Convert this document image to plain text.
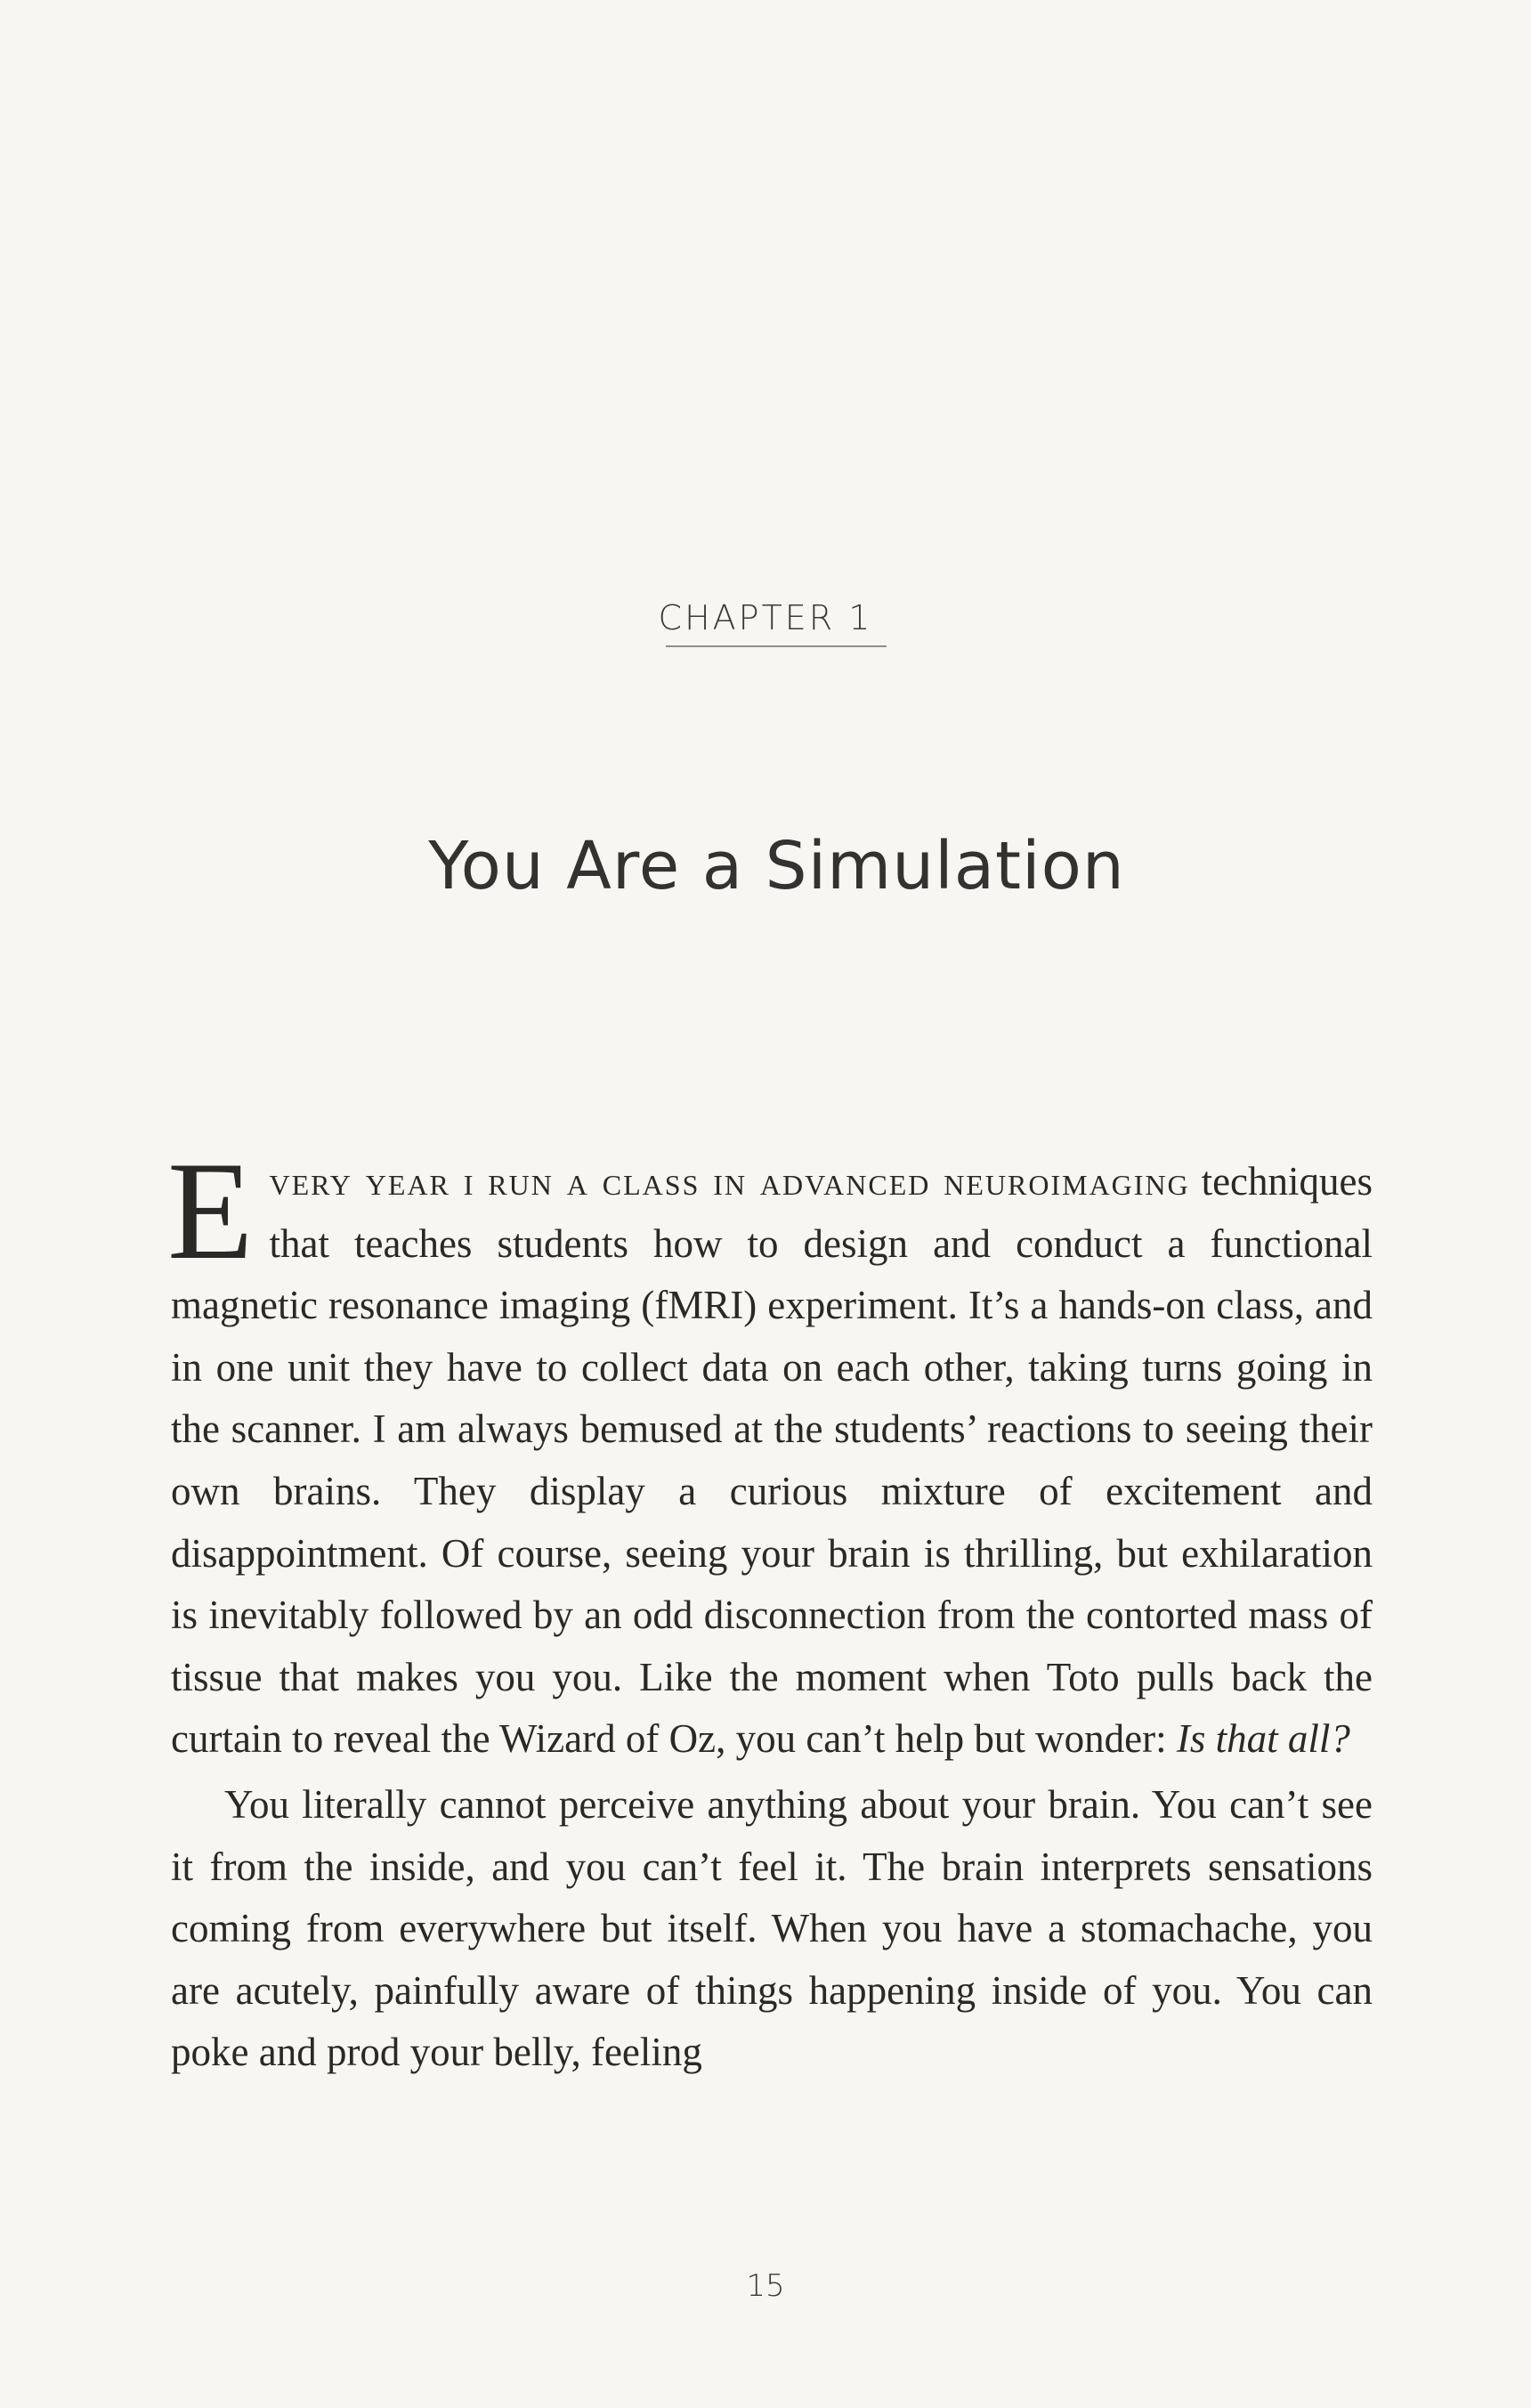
CHAPTER 1
You Are a Simulation

Every year i run a class in advanced neuroimaging techniques that teaches students how to design and conduct a functional magnetic resonance imaging (fMRI) experiment. It’s a hands-on class, and in one unit they have to collect data on each other, taking turns going in the scanner. I am always bemused at the students’ reactions to seeing their own brains. They display a curious mixture of excitement and disappointment. Of course, seeing your brain is thrilling, but exhilaration is inevitably followed by an odd disconnection from the contorted mass of tissue that makes you you. Like the moment when Toto pulls back the curtain to reveal the Wizard of Oz, you can’t help but wonder: Is that all?

You literally cannot perceive anything about your brain. You can’t see it from the inside, and you can’t feel it. The brain interprets sensations coming from everywhere but itself. When you have a stomachache, you are acutely, painfully aware of things happening inside of you. You can poke and prod your belly, feeling

15
